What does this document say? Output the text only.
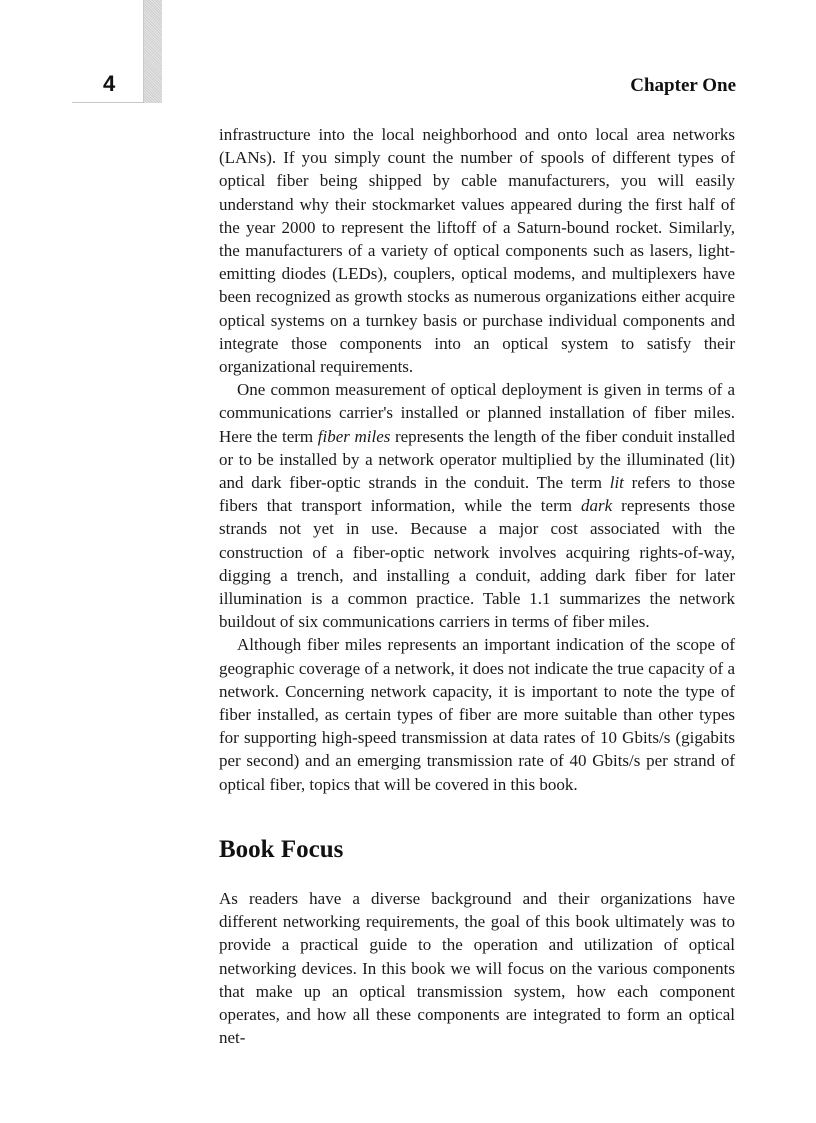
4	Chapter One

infrastructure into the local neighborhood and onto local area networks (LANs). If you simply count the number of spools of different types of optical fiber being shipped by cable manufacturers, you will easily understand why their stockmarket values appeared during the first half of the year 2000 to represent the liftoff of a Saturn-bound rocket. Similarly, the manufacturers of a variety of optical components such as lasers, light-emitting diodes (LEDs), couplers, optical modems, and multiplexers have been recognized as growth stocks as numerous organizations either acquire optical systems on a turnkey basis or purchase individual components and integrate those components into an optical system to satisfy their organizational requirements.

One common measurement of optical deployment is given in terms of a communications carrier's installed or planned installation of fiber miles. Here the term fiber miles represents the length of the fiber conduit installed or to be installed by a network operator multiplied by the illuminated (lit) and dark fiber-optic strands in the conduit. The term lit refers to those fibers that transport information, while the term dark represents those strands not yet in use. Because a major cost associated with the construction of a fiber-optic network involves acquiring rights-of-way, digging a trench, and installing a conduit, adding dark fiber for later illumination is a common practice. Table 1.1 summarizes the network buildout of six communications carriers in terms of fiber miles.

Although fiber miles represents an important indication of the scope of geographic coverage of a network, it does not indicate the true capacity of a network. Concerning network capacity, it is important to note the type of fiber installed, as certain types of fiber are more suitable than other types for supporting high-speed transmission at data rates of 10 Gbits/s (gigabits per second) and an emerging transmission rate of 40 Gbits/s per strand of optical fiber, topics that will be covered in this book.

Book Focus

As readers have a diverse background and their organizations have different networking requirements, the goal of this book ultimately was to provide a practical guide to the operation and utilization of optical networking devices. In this book we will focus on the various components that make up an optical transmission system, how each component operates, and how all these components are integrated to form an optical net-
